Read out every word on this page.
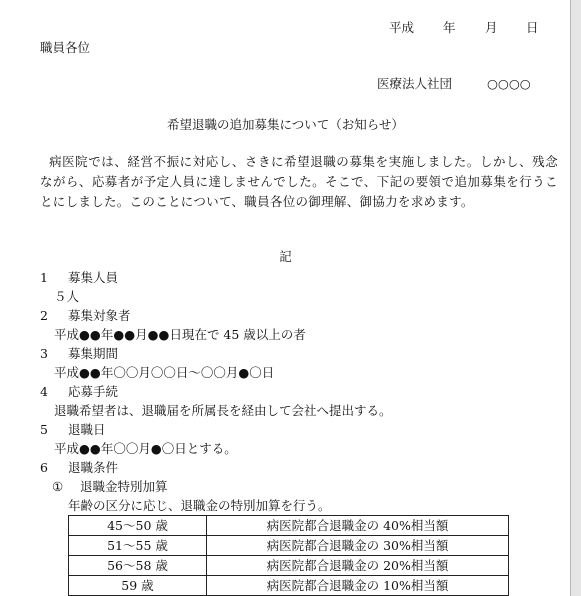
平成 年 月 日
職員各位
医療法人社団	○○○○
希望退職の追加募集について（お知らせ）
病医院では、経営不振に対応し、さきに希望退職の募集を実施しました。しかし、残念ながら、応募者が予定人員に達しませんでした。そこで、下記の要領で追加募集を行うことにしました。このことについて、職員各位の御理解、御協力を求めます。
記
1 募集人員
５人
2 募集対象者
平成●●年●●月●●日現在で 45 歳以上の者
3 募集期間
平成●●年〇〇月〇〇日～〇〇月●〇日
4 応募手続
退職希望者は、退職届を所属長を経由して会社へ提出する。
5 退職日
平成●●年〇〇月●〇日とする。
6 退職条件
① 退職金特別加算
年齢の区分に応じ、退職金の特別加算を行う。
45～50 歳	病医院都合退職金の 40%相当額
51～55 歳	病医院都合退職金の 30%相当額
56～58 歳	病医院都合退職金の 20%相当額
59 歳	病医院都合退職金の 10%相当額
